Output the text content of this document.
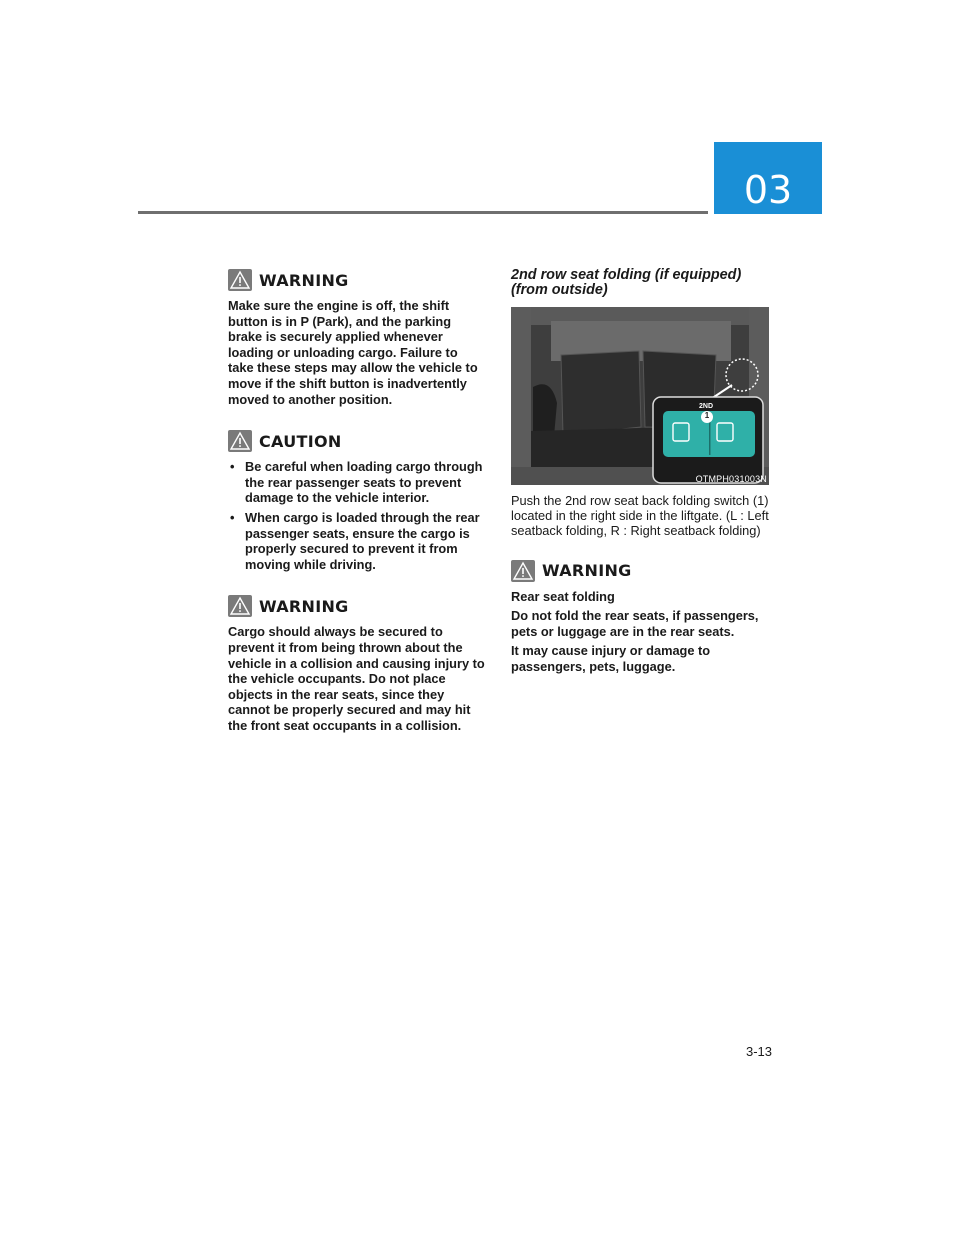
03
WARNING

Make sure the engine is off, the shift button is in P (Park), and the parking brake is securely applied whenever loading or unloading cargo. Failure to take these steps may allow the vehicle to move if the shift button is inadvertently moved to another position.

CAUTION
• Be careful when loading cargo through the rear passenger seats to prevent damage to the vehicle interior.
• When cargo is loaded through the rear passenger seats, ensure the cargo is properly secured to prevent it from moving while driving.
WARNING

Cargo should always be secured to prevent it from being thrown about the vehicle in a collision and causing injury to the vehicle occupants. Do not place objects in the rear seats, since they cannot be properly secured and may hit the front seat occupants in a collision.

2nd row seat folding (if equipped) (from outside)

2ND
1
OTMPH031003N

Push the 2nd row seat back folding switch (1) located in the right side in the liftgate. (L : Left seatback folding, R : Right seatback folding)

WARNING

Rear seat folding

Do not fold the rear seats, if passengers, pets or luggage are in the rear seats.

It may cause injury or damage to passengers, pets, luggage.

3-13
